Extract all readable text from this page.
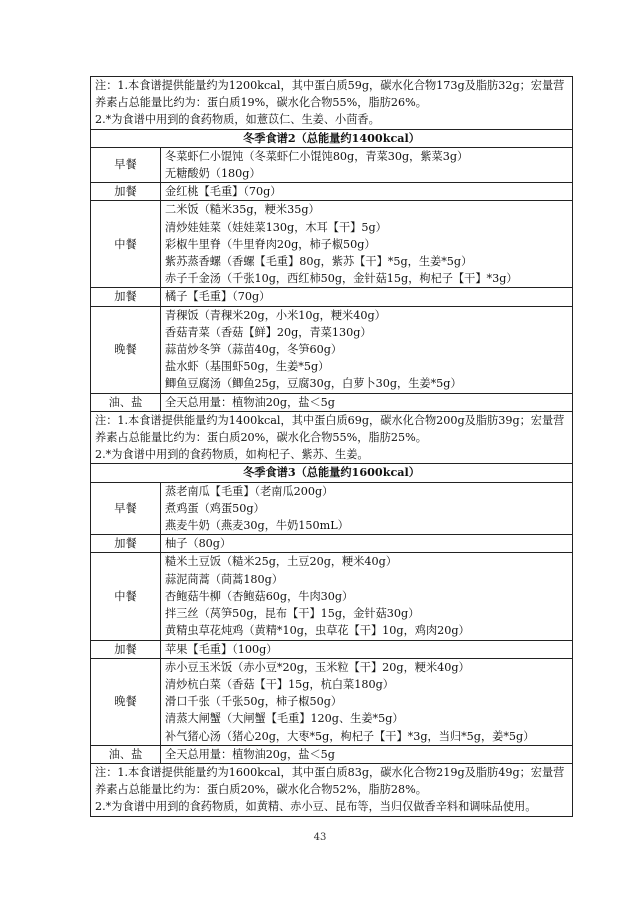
注：1.本食谱提供能量约为1200kcal，其中蛋白质59g，碳水化合物173g及脂肪32g；宏量营养素占总能量比约为：蛋白质19%，碳水化合物55%，脂肪26%。
2.*为食谱中用到的食药物质，如薏苡仁、生姜、小茴香。	
冬季食谱2（总能量约1400kcal）	
早餐	冬菜虾仁小馄饨（冬菜虾仁小馄饨80g，青菜30g，紫菜3g）
无糖酸奶（180g）

加餐	金红桃【毛重】（70g）
中餐	二米饭（糙米35g，粳米35g）
清炒娃娃菜（娃娃菜130g，木耳【干】5g）
彩椒牛里脊（牛里脊肉20g，柿子椒50g）
紫苏蒸香螺（香螺【毛重】80g，紫苏【干】*5g，生姜*5g）
赤子千金汤（千张10g，西红柿50g，金针菇15g，枸杞子【干】*3g）

加餐	橘子【毛重】（70g）
晚餐	青稞饭（青稞米20g，小米10g，粳米40g）
香菇青菜（香菇【鲜】20g，青菜130g）
蒜苗炒冬笋（蒜苗40g，冬笋60g）
盐水虾（基围虾50g，生姜*5g）
鲫鱼豆腐汤（鲫鱼25g，豆腐30g，白萝卜30g，生姜*5g）

油、盐	全天总用量：植物油20g，盐＜5g
注：1.本食谱提供能量约为1400kcal，其中蛋白质69g，碳水化合物200g及脂肪39g；宏量营养素占总能量比约为：蛋白质20%，碳水化合物55%，脂肪25%。
2.*为食谱中用到的食药物质，如枸杞子、紫苏、生姜。	
冬季食谱3（总能量约1600kcal）	
早餐	蒸老南瓜【毛重】（老南瓜200g）
煮鸡蛋（鸡蛋50g）
燕麦牛奶（燕麦30g，牛奶150mL）

加餐	柚子（80g）
中餐	糙米土豆饭（糙米25g，土豆20g，粳米40g）
蒜泥茼蒿（茼蒿180g）
杏鲍菇牛柳（杏鲍菇60g，牛肉30g）
拌三丝（莴笋50g，昆布【干】15g，金针菇30g）
黄精虫草花炖鸡（黄精*10g，虫草花【干】10g，鸡肉20g）

加餐	苹果【毛重】（100g）
晚餐	赤小豆玉米饭（赤小豆*20g，玉米粒【干】20g，粳米40g）
清炒杭白菜（香菇【干】15g，杭白菜180g）
滑口千张（千张50g，柿子椒50g）
清蒸大闸蟹（大闸蟹【毛重】120g、生姜*5g）
补气猪心汤（猪心20g，大枣*5g，枸杞子【干】*3g，当归*5g，姜*5g）

油、盐	全天总用量：植物油20g，盐＜5g
注：1.本食谱提供能量约为1600kcal，其中蛋白质83g，碳水化合物219g及脂肪49g；宏量营养素占总能量比约为：蛋白质20%，碳水化合物52%，脂肪28%。
2.*为食谱中用到的食药物质，如黄精、赤小豆、昆布等，当归仅做香辛料和调味品使用。	
43
